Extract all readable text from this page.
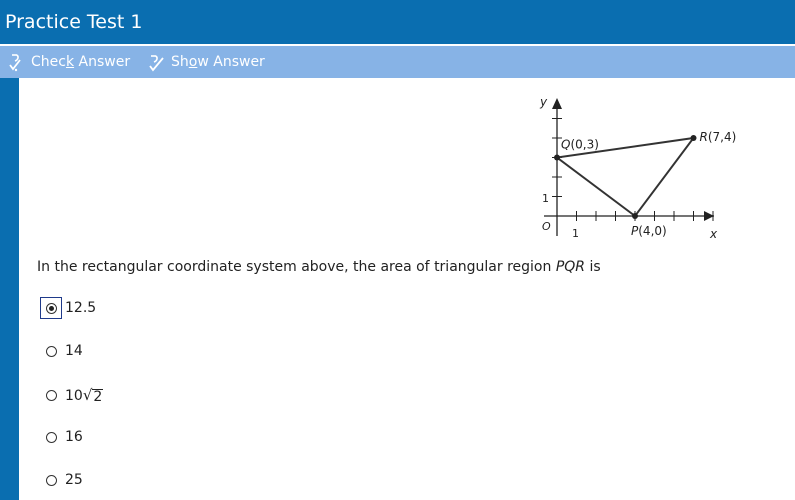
Practice Test 1
Check Answer	Show Answer
Q(0,3)
R(7,4)
P(4,0)
y
x
O
1
1
In the rectangular coordinate system above, the area of triangular region PQR is
12.5
14
10 √ 2
16
25
